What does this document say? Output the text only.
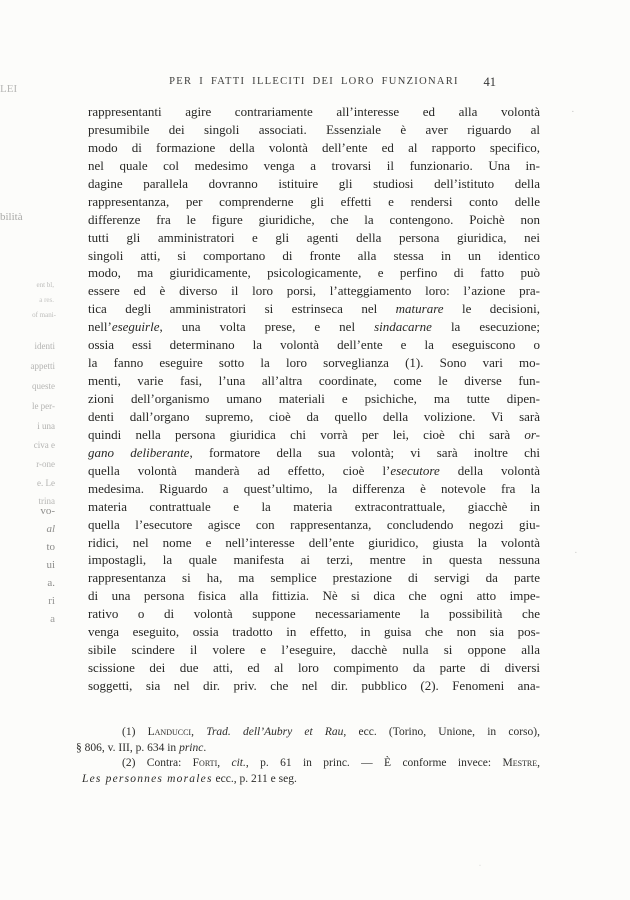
PER I FATTI ILLECITI DEI LORO FUNZIONARI	41
rappresentanti agire contrariamente all’interesse ed alla volontà
presumibile dei singoli associati. Essenziale è aver riguardo al
modo di formazione della volontà dell’ente ed al rapporto specifico,
nel quale col medesimo venga a trovarsi il funzionario. Una in-
dagine parallela dovranno istituire gli studiosi dell’istituto della
rappresentanza, per comprenderne gli effetti e rendersi conto delle
differenze fra le figure giuridiche, che la contengono. Poichè non
tutti gli amministratori e gli agenti della persona giuridica, nei
singoli atti, si comportano di fronte alla stessa in un identico
modo, ma giuridicamente, psicologicamente, e perfino di fatto può
essere ed è diverso il loro porsi, l’atteggiamento loro: l’azione pra-
tica degli amministratori si estrinseca nel maturare le decisioni,
nell’eseguirle, una volta prese, e nel sindacarne la esecuzione;
ossia essi determinano la volontà dell’ente e la eseguiscono o
la fanno eseguire sotto la loro sorveglianza (1). Sono vari mo-
menti, varie fasi, l’una all’altra coordinate, come le diverse fun-
zioni dell’organismo umano materiali e psichiche, ma tutte dipen-
denti dall’organo supremo, cioè da quello della volizione. Vi sarà
quindi nella persona giuridica chi vorrà per lei, cioè chi sarà or-
gano deliberante, formatore della sua volontà; vi sarà inoltre chi
quella volontà manderà ad effetto, cioè l’esecutore della volontà
medesima. Riguardo a quest’ultimo, la differenza è notevole fra la
materia contrattuale e la materia extracontrattuale, giacchè in
quella l’esecutore agisce con rappresentanza, concludendo negozi giu-
ridici, nel nome e nell’interesse dell’ente giuridico, giusta la volontà
impostagli, la quale manifesta ai terzi, mentre in questa nessuna
rappresentanza si ha, ma semplice prestazione di servigi da parte
di una persona fisica alla fittizia. Nè si dica che ogni atto impe-
rativo o di volontà suppone necessariamente la possibilità che
venga eseguito, ossia tradotto in effetto, in guisa che non sia pos-
sibile scindere il volere e l’eseguire, dacchè nulla si oppone alla
scissione dei due atti, ed al loro compimento da parte di diversi
soggetti, sia nel dir. priv. che nel dir. pubblico (2). Fenomeni ana-
(1) Landucci, Trad. dell’Aubry et Rau, ecc. (Torino, Unione, in corso),
§ 806, v. III, p. 634 in princ.
(2) Contra: Forti, cit., p. 61 in princ. — È conforme invece: Mestre,
Les personnes morales ecc., p. 211 e seg.
LEI
bilità
ent bl,
a res.
of mani-
identi
appetti
queste
le per-
i una
civa e
r-one
e. Le
trina
vo-
al
to
ui
a.
ri
a
·
·
·
